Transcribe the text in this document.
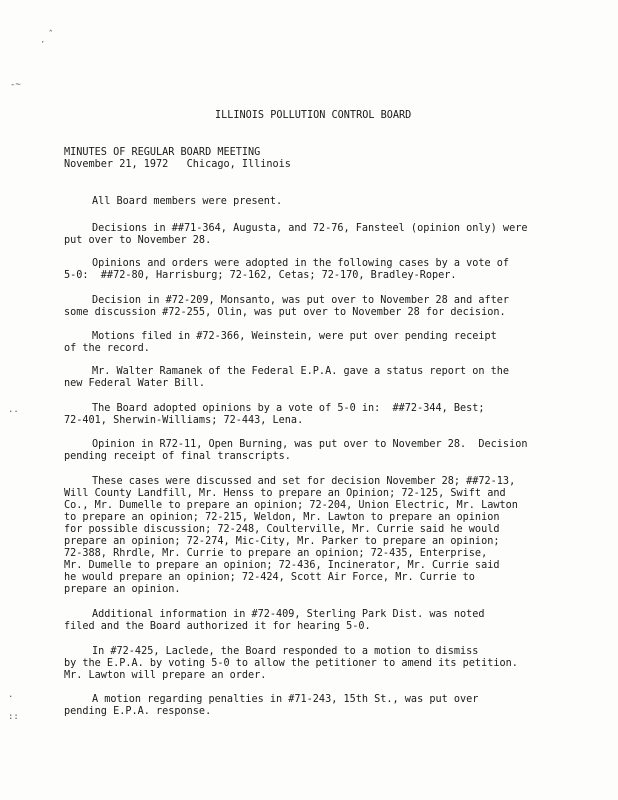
·
ˆ
-~
..
.
::
ILLINOIS POLLUTION CONTROL BOARD
MINUTES OF REGULAR BOARD MEETING
November 21, 1972   Chicago, Illinois
All Board members were present.
Decisions in ##71-364, Augusta, and 72-76, Fansteel (opinion only) were
put over to November 28.
Opinions and orders were adopted in the following cases by a vote of
5-0:  ##72-80, Harrisburg; 72-162, Cetas; 72-170, Bradley-Roper.
Decision in #72-209, Monsanto, was put over to November 28 and after
some discussion #72-255, Olin, was put over to November 28 for decision.
Motions filed in #72-366, Weinstein, were put over pending receipt
of the record.
Mr. Walter Ramanek of the Federal E.P.A. gave a status report on the
new Federal Water Bill.
The Board adopted opinions by a vote of 5-0 in:  ##72-344, Best;
72-401, Sherwin-Williams; 72-443, Lena.
Opinion in R72-11, Open Burning, was put over to November 28.  Decision
pending receipt of final transcripts.
These cases were discussed and set for decision November 28; ##72-13,
Will County Landfill, Mr. Henss to prepare an Opinion; 72-125, Swift and
Co., Mr. Dumelle to prepare an opinion; 72-204, Union Electric, Mr. Lawton
to prepare an opinion; 72-215, Weldon, Mr. Lawton to prepare an opinion
for possible discussion; 72-248, Coulterville, Mr. Currie said he would
prepare an opinion; 72-274, Mic-City, Mr. Parker to prepare an opinion;
72-388, Rhrdle, Mr. Currie to prepare an opinion; 72-435, Enterprise,
Mr. Dumelle to prepare an opinion; 72-436, Incinerator, Mr. Currie said
he would prepare an opinion; 72-424, Scott Air Force, Mr. Currie to
prepare an opinion.
Additional information in #72-409, Sterling Park Dist. was noted
filed and the Board authorized it for hearing 5-0.
In #72-425, Laclede, the Board responded to a motion to dismiss
by the E.P.A. by voting 5-0 to allow the petitioner to amend its petition.
Mr. Lawton will prepare an order.
A motion regarding penalties in #71-243, 15th St., was put over
pending E.P.A. response.
